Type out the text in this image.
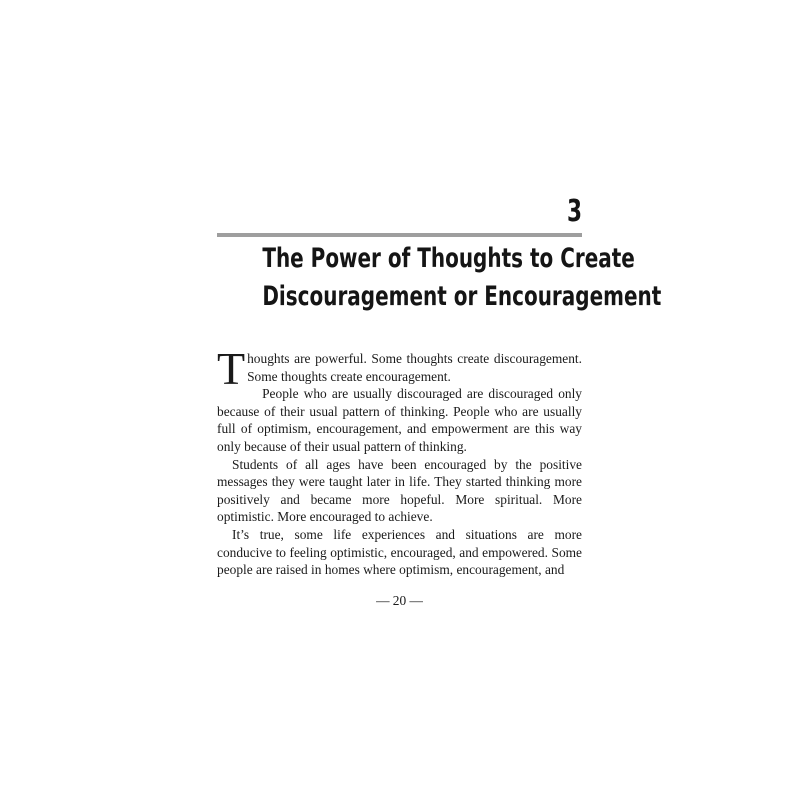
3
The Power of Thoughts to Create
Discouragement or Encouragement

Thoughts are powerful. Some thoughts create discouragement. Some thoughts create encouragement.

People who are usually discouraged are discouraged only because of their usual pattern of thinking. People who are usually full of optimism, encouragement, and empowerment are this way only because of their usual pattern of thinking.

Students of all ages have been encouraged by the positive messages they were taught later in life. They started thinking more positively and became more hopeful. More spiritual. More optimistic. More encouraged to achieve.

It’s true, some life experiences and situations are more conducive to feeling optimistic, encouraged, and empowered. Some people are raised in homes where optimism, encouragement, and

— 20 —
